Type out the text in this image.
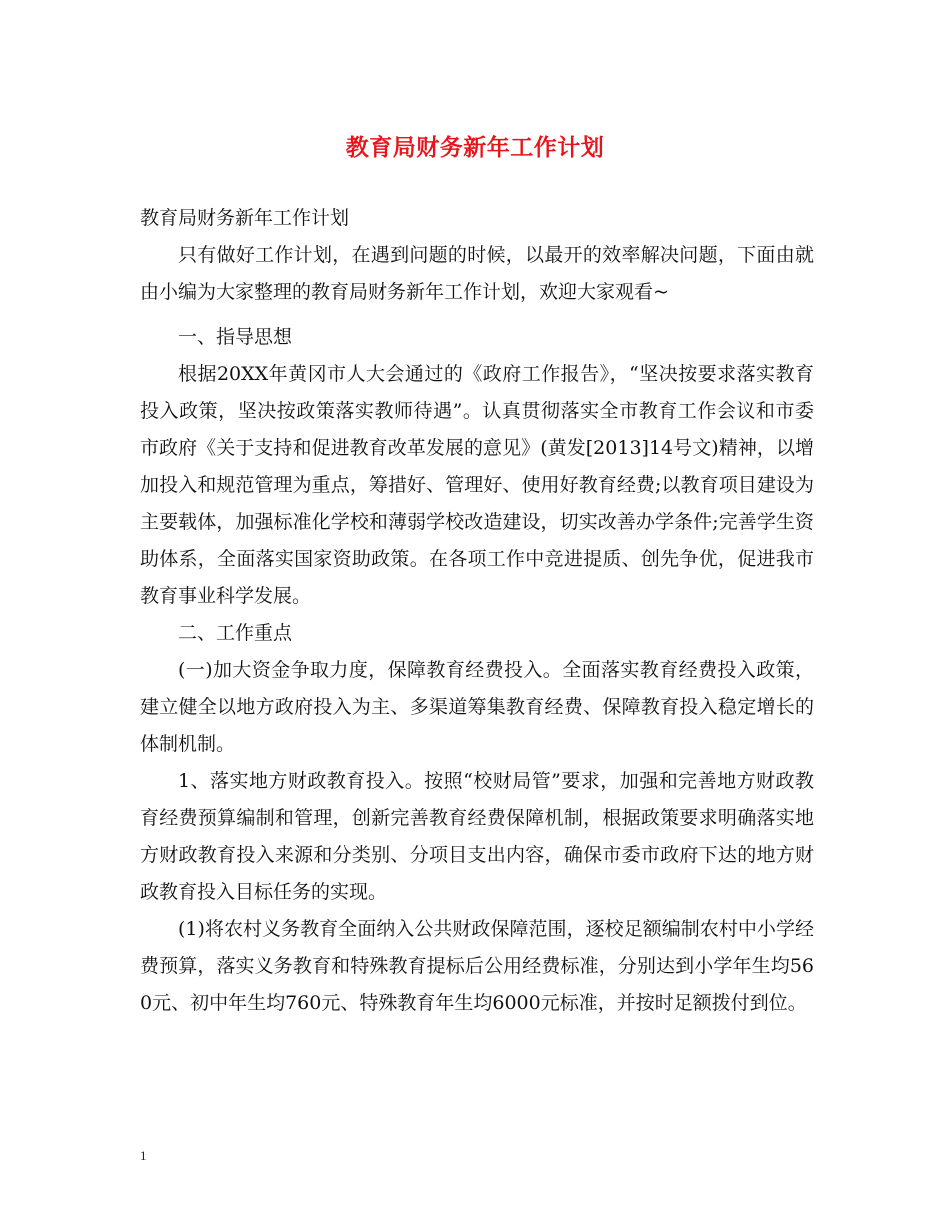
教育局财务新年工作计划

教育局财务新年工作计划

只有做好工作计划，在遇到问题的时候，以最开的效率解决问题，下面由就由小编为大家整理的教育局财务新年工作计划，欢迎大家观看~

一、指导思想

根据20XX年黄冈市人大会通过的《政府工作报告》，“坚决按要求落实教育投入政策，坚决按政策落实教师待遇”。认真贯彻落实全市教育工作会议和市委市政府《关于支持和促进教育改革发展的意见》(黄发[2013]14号文)精神，以增加投入和规范管理为重点，筹措好、管理好、使用好教育经费;以教育项目建设为主要载体，加强标准化学校和薄弱学校改造建设，切实改善办学条件;完善学生资助体系，全面落实国家资助政策。在各项工作中竞进提质、创先争优，促进我市教育事业科学发展。

二、工作重点

(一)加大资金争取力度，保障教育经费投入。全面落实教育经费投入政策，建立健全以地方政府投入为主、多渠道筹集教育经费、保障教育投入稳定增长的体制机制。

1、落实地方财政教育投入。按照“校财局管”要求，加强和完善地方财政教育经费预算编制和管理，创新完善教育经费保障机制，根据政策要求明确落实地方财政教育投入来源和分类别、分项目支出内容，确保市委市政府下达的地方财政教育投入目标任务的实现。

(1)将农村义务教育全面纳入公共财政保障范围，逐校足额编制农村中小学经费预算，落实义务教育和特殊教育提标后公用经费标准，分别达到小学年生均560元、初中年生均760元、特殊教育年生均6000元标准，并按时足额拨付到位。

1
